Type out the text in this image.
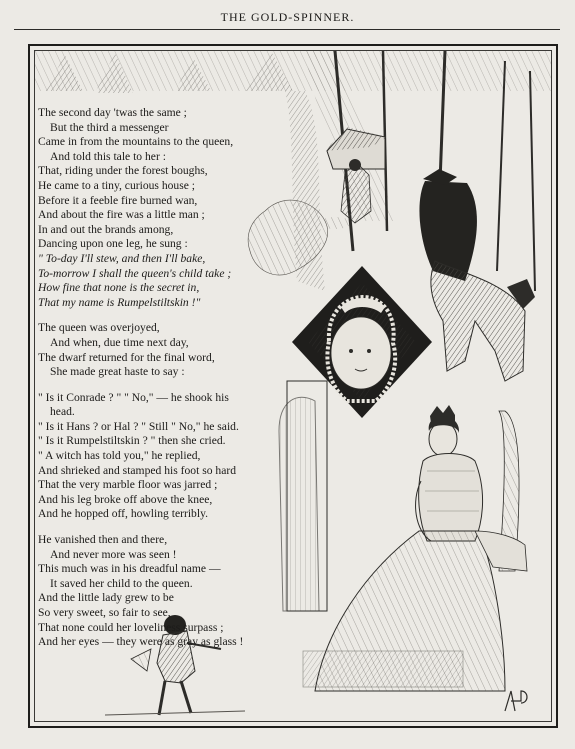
THE GOLD-SPINNER.
The second day 'twas the same ;
But the third a messenger
Came in from the mountains to the queen,
And told this tale to her :
That, riding under the forest boughs,
He came to a tiny, curious house ;
Before it a feeble fire burned wan,
And about the fire was a little man ;
In and out the brands among,
Dancing upon one leg, he sung :
" To-day I'll stew, and then I'll bake,
To-morrow I shall the queen's child take ;
How fine that none is the secret in,
That my name is Rumpelstiltskin !"
The queen was overjoyed,
And when, due time next day,
The dwarf returned for the final word,
She made great haste to say :
" Is it Conrade ? " " No," — he shook his
head.
" Is it Hans ? or Hal ? " Still " No," he said.
" Is it Rumpelstiltskin ? " then she cried.
" A witch has told you," he replied,
And shrieked and stamped his foot so hard
That the very marble floor was jarred ;
And his leg broke off above the knee,
And he hopped off, howling terribly.
He vanished then and there,
And never more was seen !
This much was in his dreadful name —
It saved her child to the queen.
And the little lady grew to be
So very sweet, so fair to see,
That none could her loveliness surpass ;
And her eyes — they were as gray as glass !
